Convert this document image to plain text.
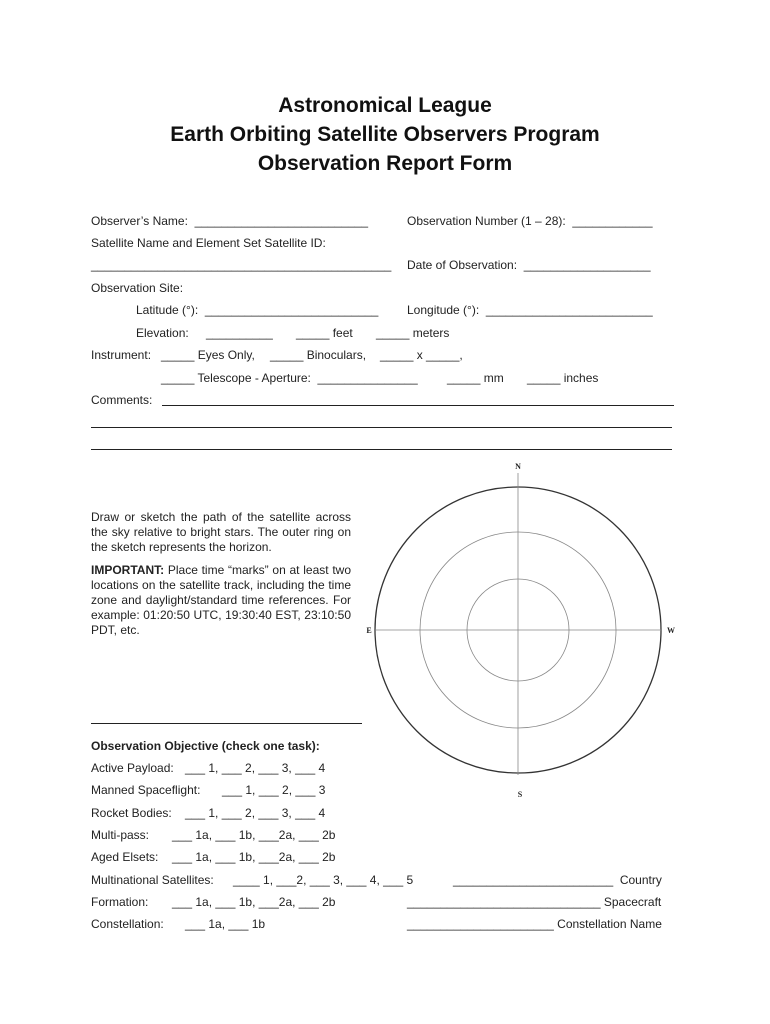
Astronomical League
Earth Orbiting Satellite Observers Program
Observation Report Form
Observer’s Name:  __________________________	Observation Number (1 – 28):  ____________
Satellite Name and Element Set Satellite ID:
_____________________________________________ Date of Observation:  ___________________
Observation Site:
Latitude (°):  __________________________ Longitude (°):  _________________________
Elevation: __________ _____ feet _____ meters
Instrument: _____ Eyes Only, _____ Binoculars, _____ x _____,
_____ Telescope - Aperture:  _______________ _____ mm _____ inches
Comments:
Draw or sketch the path of the satellite across the sky relative to bright stars. The outer ring on the sketch represents the horizon.
IMPORTANT: Place time “marks” on at least two locations on the satellite track, including the time zone and daylight/standard time references. For example: 01:20:50 UTC, 19:30:40 EST, 23:10:50 PDT, etc.
N
S
E	W
Observation Objective (check one task):
Active Payload: ___ 1, ___ 2, ___ 3, ___ 4
Manned Spaceflight: ___ 1, ___ 2, ___ 3
Rocket Bodies: ___ 1, ___ 2, ___ 3, ___ 4
Multi-pass: ___ 1a, ___ 1b, ___2a, ___ 2b
Aged Elsets: ___ 1a, ___ 1b, ___2a, ___ 2b
Multinational Satellites: ____ 1, ___2, ___ 3, ___ 4, ___ 5	________________________  Country
Formation: ___ 1a, ___ 1b, ___2a, ___ 2b	_____________________________ Spacecraft
Constellation: ___ 1a, ___ 1b	______________________ Constellation Name
